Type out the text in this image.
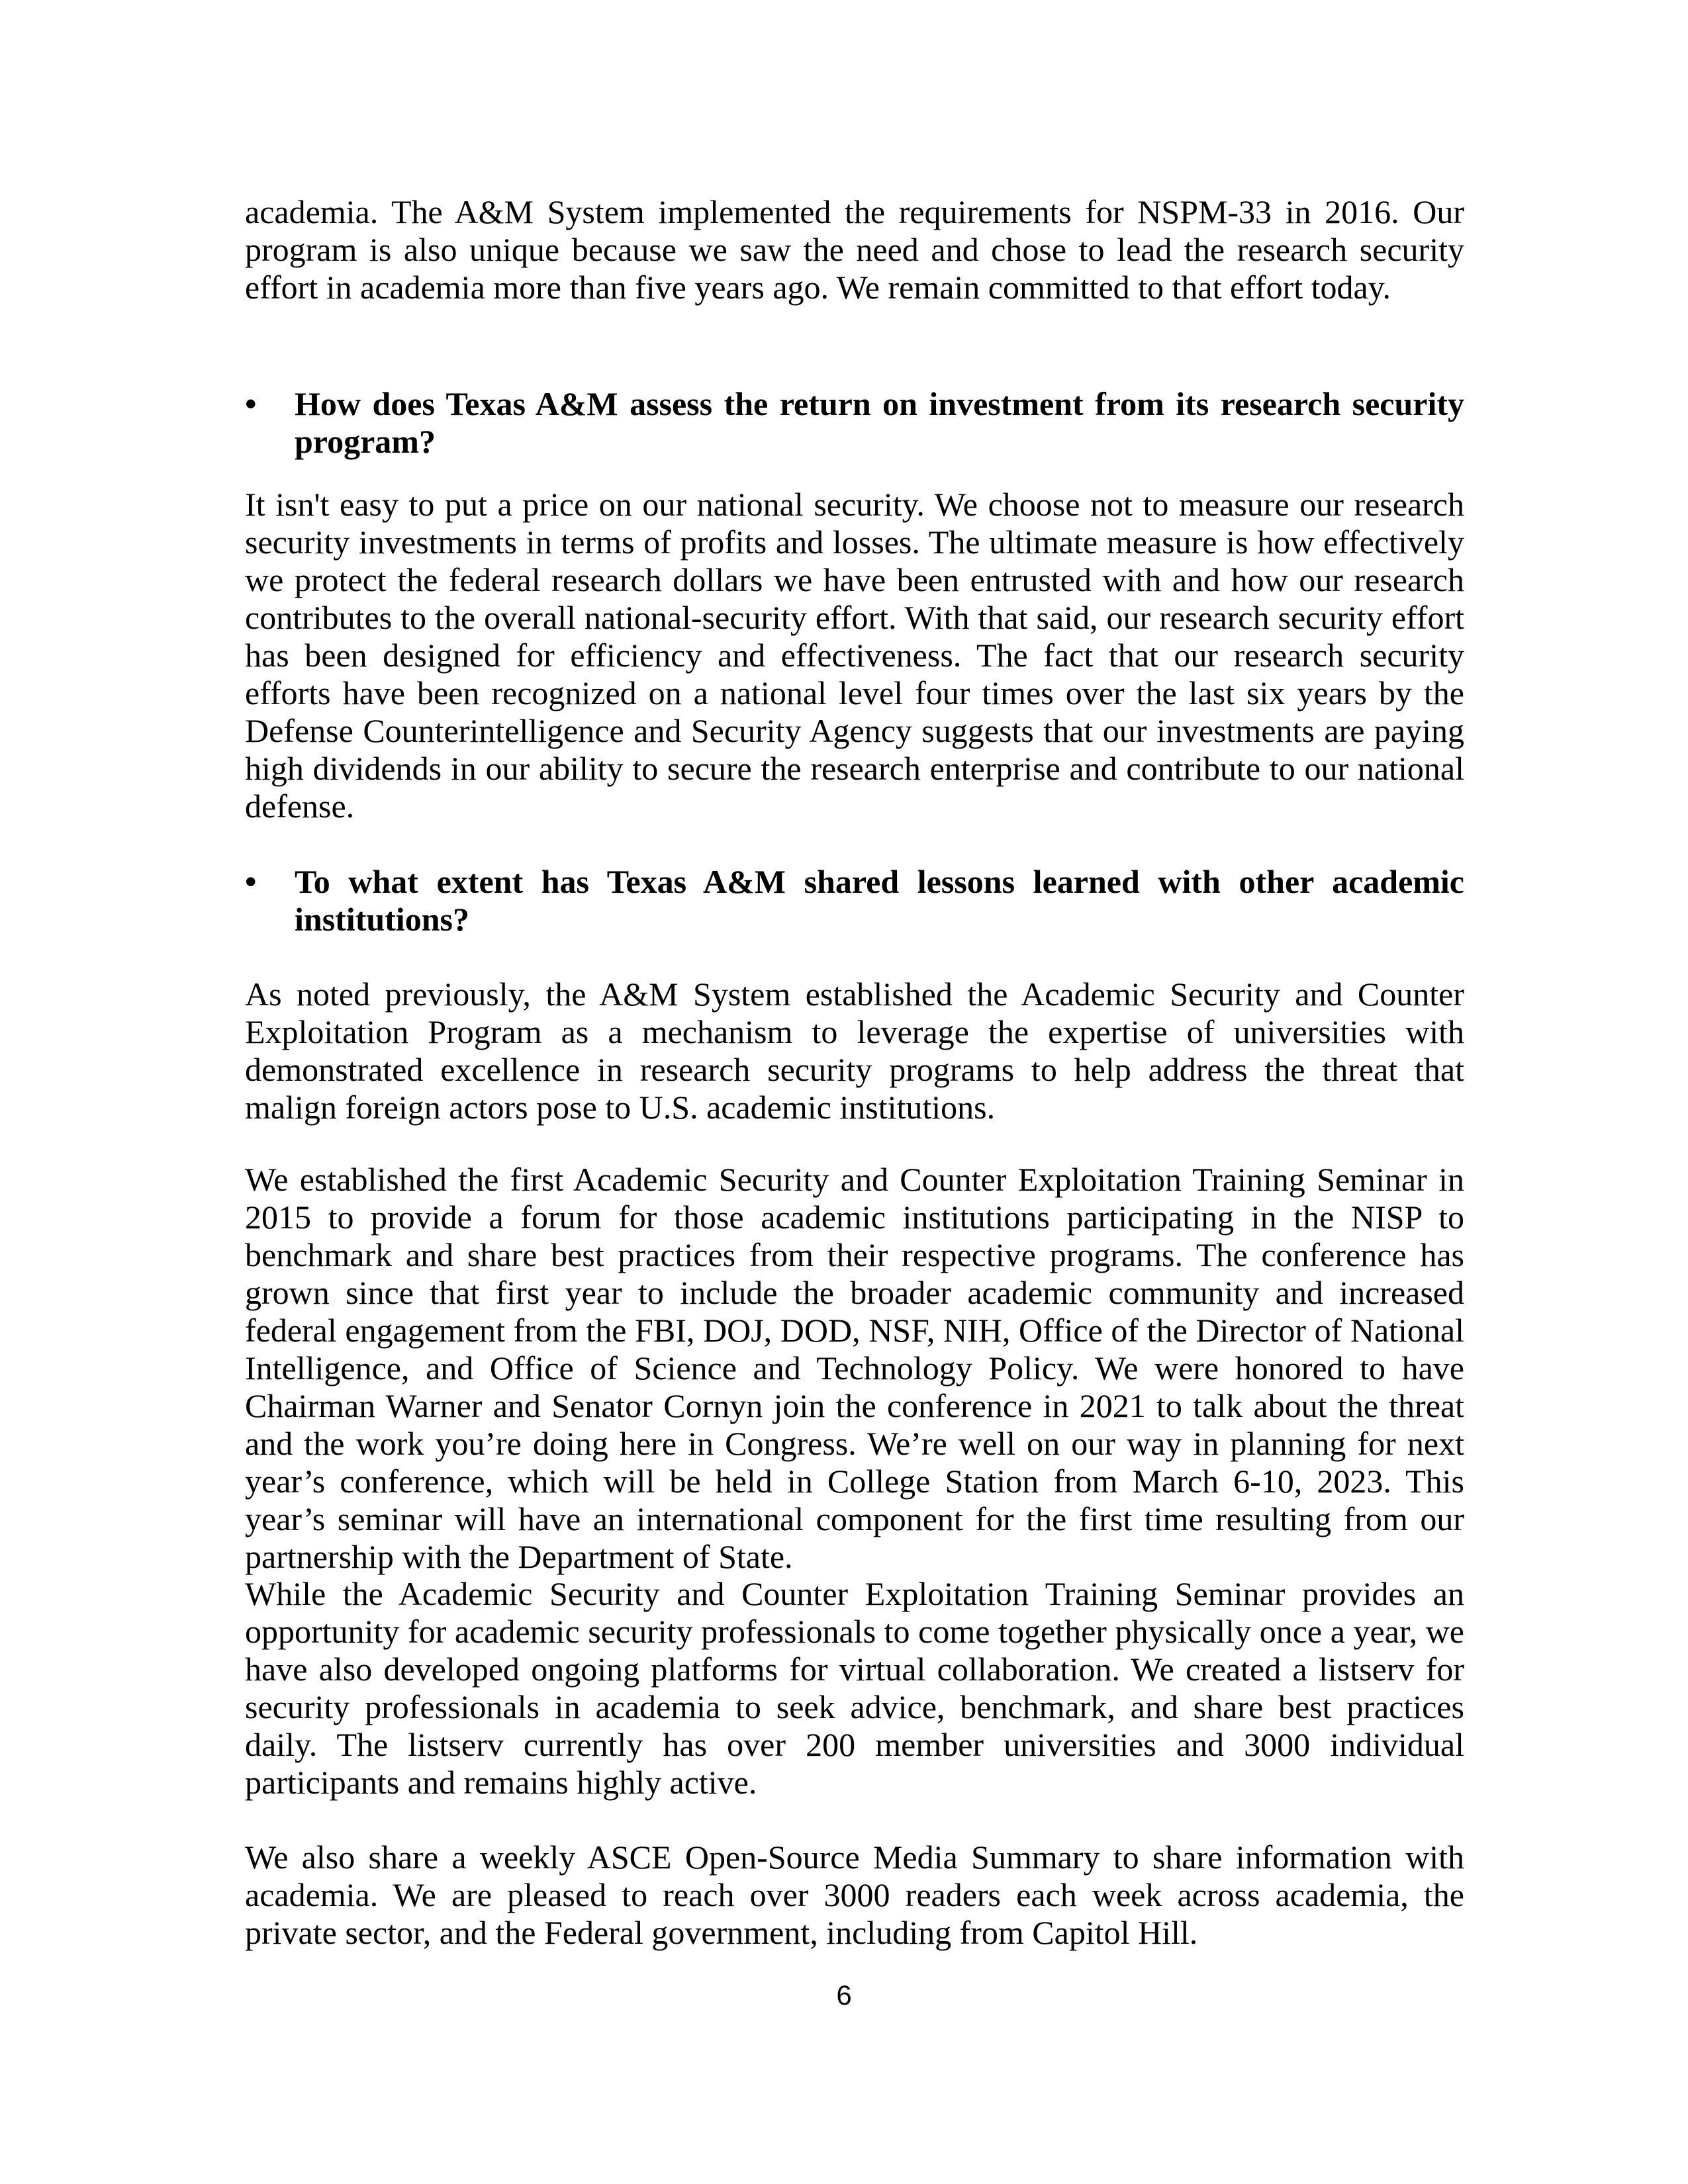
academia. The A&M System implemented the requirements for NSPM-33 in 2016. Our program is also unique because we saw the need and chose to lead the research security effort in academia more than five years ago. We remain committed to that effort today.

•	How does Texas A&M assess the return on investment from its research security program?

It isn't easy to put a price on our national security. We choose not to measure our research security investments in terms of profits and losses. The ultimate measure is how effectively we protect the federal research dollars we have been entrusted with and how our research contributes to the overall national-security effort. With that said, our research security effort has been designed for efficiency and effectiveness. The fact that our research security efforts have been recognized on a national level four times over the last six years by the Defense Counterintelligence and Security Agency suggests that our investments are paying high dividends in our ability to secure the research enterprise and contribute to our national defense.

•	To what extent has Texas A&M shared lessons learned with other academic institutions?

As noted previously, the A&M System established the Academic Security and Counter Exploitation Program as a mechanism to leverage the expertise of universities with demonstrated excellence in research security programs to help address the threat that malign foreign actors pose to U.S. academic institutions.

We established the first Academic Security and Counter Exploitation Training Seminar in 2015 to provide a forum for those academic institutions participating in the NISP to benchmark and share best practices from their respective programs. The conference has grown since that first year to include the broader academic community and increased federal engagement from the FBI, DOJ, DOD, NSF, NIH, Office of the Director of National Intelligence, and Office of Science and Technology Policy. We were honored to have Chairman Warner and Senator Cornyn join the conference in 2021 to talk about the threat and the work you’re doing here in Congress. We’re well on our way in planning for next year’s conference, which will be held in College Station from March 6-10, 2023. This year’s seminar will have an international component for the first time resulting from our partnership with the Department of State.

While the Academic Security and Counter Exploitation Training Seminar provides an opportunity for academic security professionals to come together physically once a year, we have also developed ongoing platforms for virtual collaboration. We created a listserv for security professionals in academia to seek advice, benchmark, and share best practices daily. The listserv currently has over 200 member universities and 3000 individual participants and remains highly active.

We also share a weekly ASCE Open-Source Media Summary to share information with academia. We are pleased to reach over 3000 readers each week across academia, the private sector, and the Federal government, including from Capitol Hill.

6
